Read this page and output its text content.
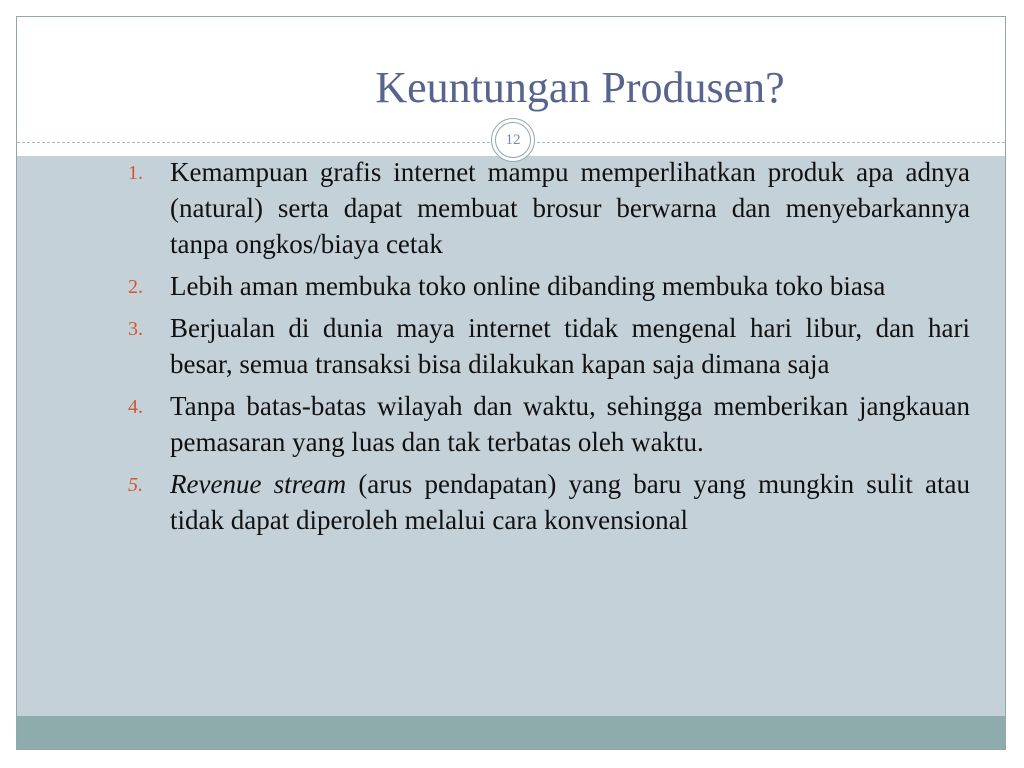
Keuntungan Produsen?
12
1. Kemampuan grafis internet mampu memperlihatkan produk apa adnya (natural) serta dapat membuat brosur berwarna dan menyebarkannya tanpa ongkos/biaya cetak
2. Lebih aman membuka toko online dibanding membuka toko biasa
3. Berjualan di dunia maya internet tidak mengenal hari libur, dan hari besar, semua transaksi bisa dilakukan kapan saja dimana saja
4. Tanpa batas-batas wilayah dan waktu, sehingga memberikan jangkauan pemasaran yang luas dan tak terbatas oleh waktu.
5. Revenue stream (arus pendapatan) yang baru yang mungkin sulit atau tidak dapat diperoleh melalui cara konvensional
